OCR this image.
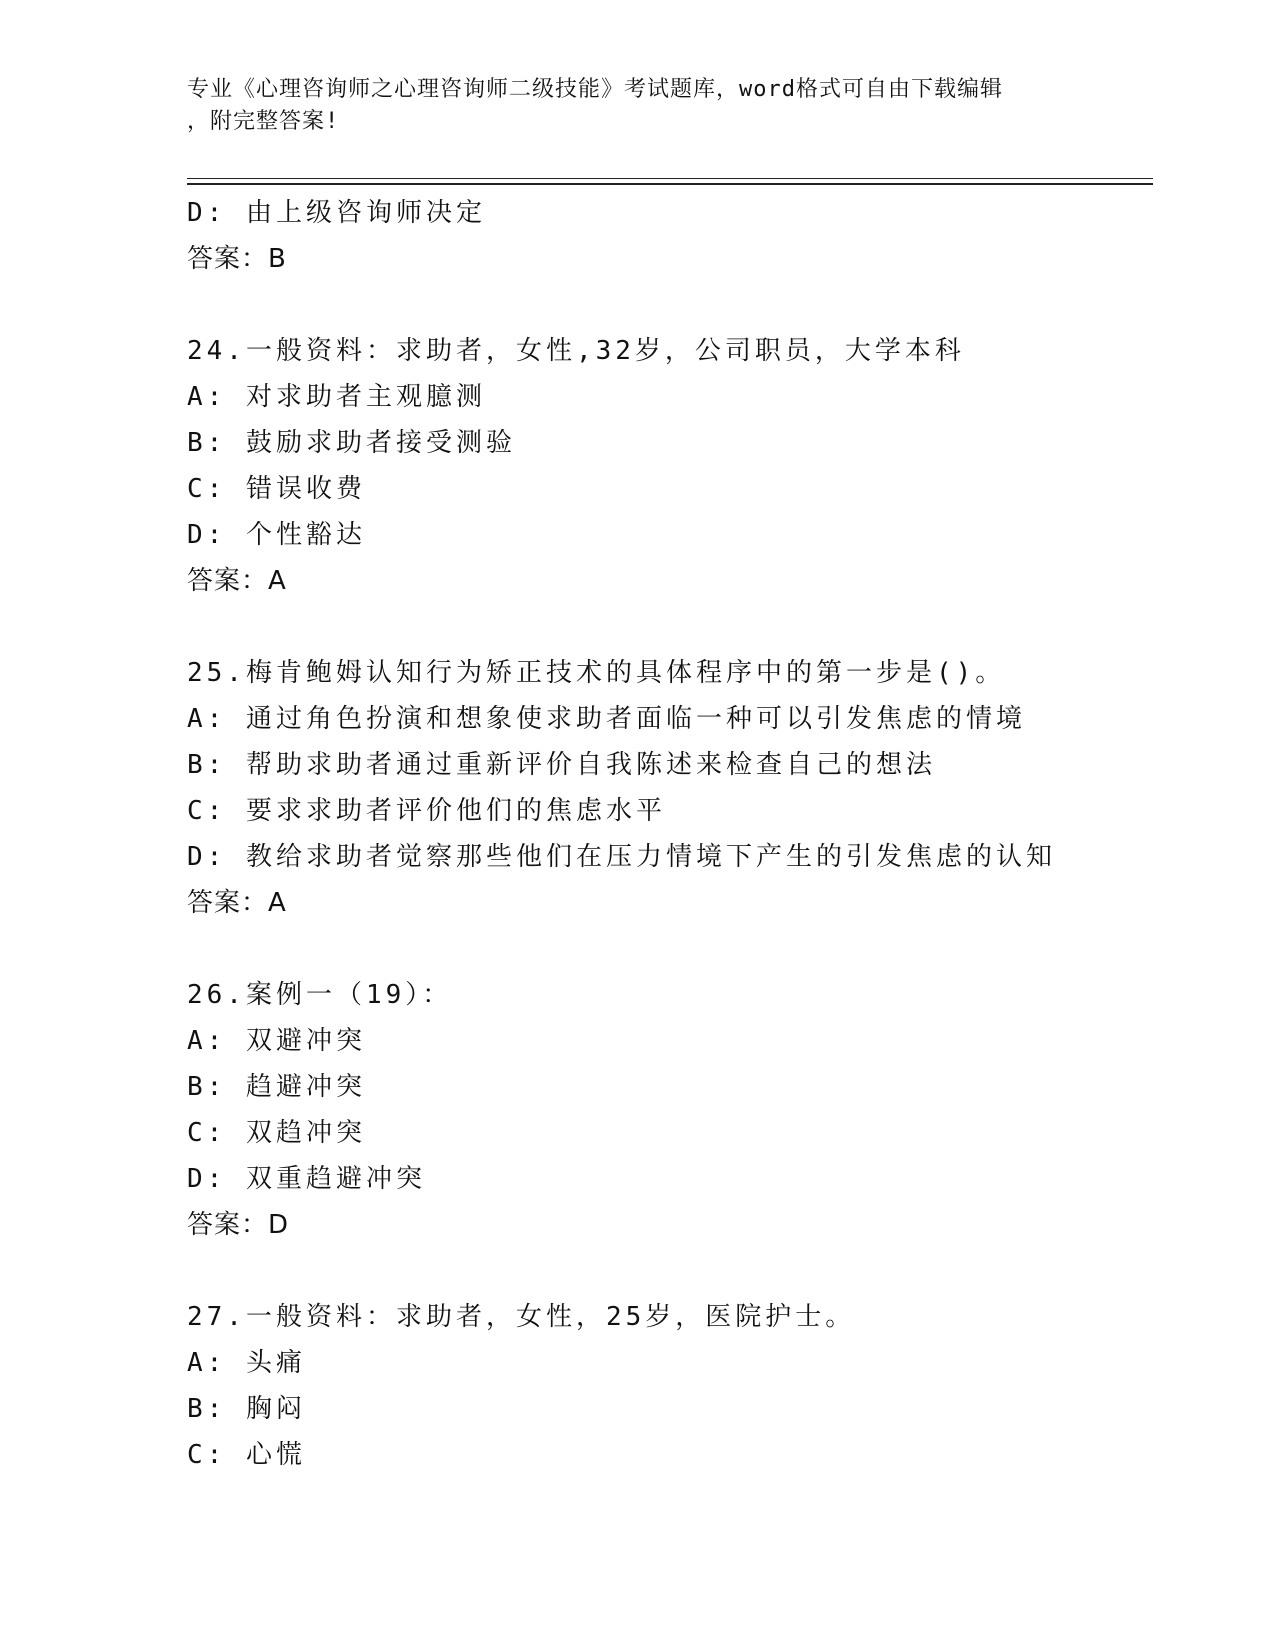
专业《心理咨询师之心理咨询师二级技能》考试题库，word格式可自由下载编辑
，附完整答案!
D: 由上级咨询师决定
答案：B
24.一般资料：求助者，女性,32岁，公司职员，大学本科
A: 对求助者主观臆测
B: 鼓励求助者接受测验
C: 错误收费
D: 个性豁达
答案：A
25.梅肯鲍姆认知行为矫正技术的具体程序中的第一步是()。
A: 通过角色扮演和想象使求助者面临一种可以引发焦虑的情境
B: 帮助求助者通过重新评价自我陈述来检查自己的想法
C: 要求求助者评价他们的焦虑水平
D: 教给求助者觉察那些他们在压力情境下产生的引发焦虑的认知
答案：A
26.案例一（19）：
A: 双避冲突
B: 趋避冲突
C: 双趋冲突
D: 双重趋避冲突
答案：D
27.一般资料：求助者，女性，25岁，医院护士。
A: 头痛
B: 胸闷
C: 心慌
